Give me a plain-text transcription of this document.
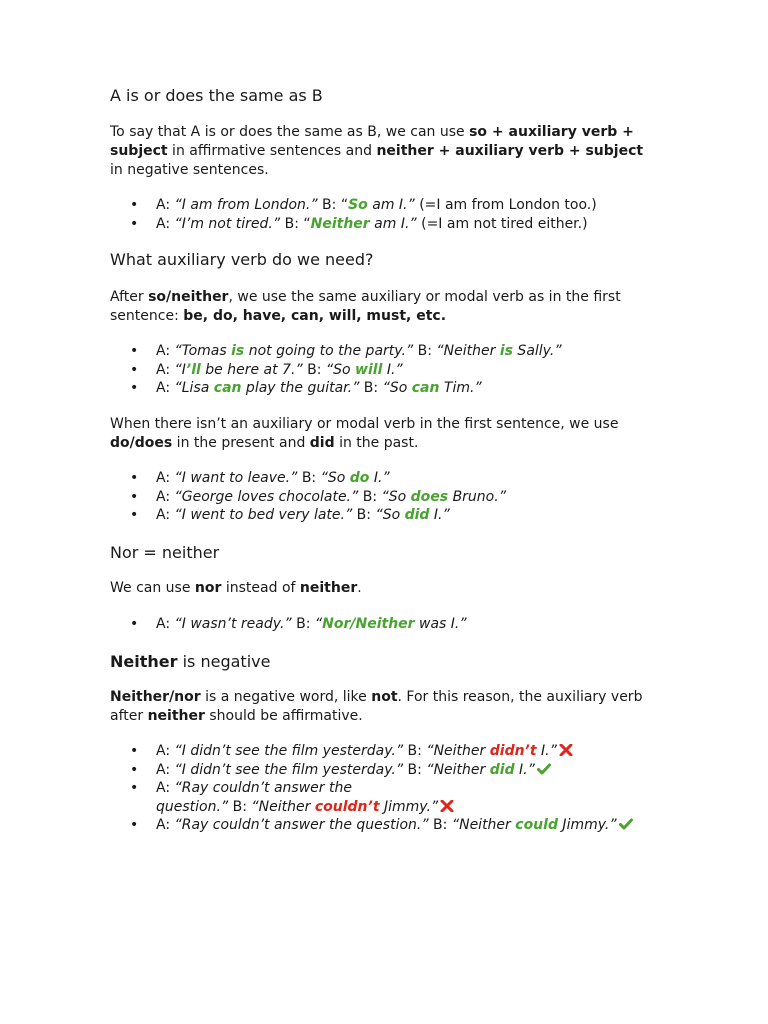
A is or does the same as B

To say that A is or does the same as B, we can use so + auxiliary verb + subject in affirmative sentences and neither + auxiliary verb + subject in negative sentences.

• A: “I am from London.” B: “So am I.” (=I am from London too.)
• A: “I’m not tired.” B: “Neither am I.” (=I am not tired either.)
What auxiliary verb do we need?

After so/neither, we use the same auxiliary or modal verb as in the first sentence: be, do, have, can, will, must, etc.

• A: “Tomas is not going to the party.” B: “Neither is Sally.”
• A: “I’ll be here at 7.” B: “So will I.”
• A: “Lisa can play the guitar.” B: “So can Tim.”

When there isn’t an auxiliary or modal verb in the first sentence, we use do/does in the present and did in the past.

• A: “I want to leave.” B: “So do I.”
• A: “George loves chocolate.” B: “So does Bruno.”
• A: “I went to bed very late.” B: “So did I.”
Nor = neither

We can use nor instead of neither.

• A: “I wasn’t ready.” B: “Nor/Neither was I.”
Neither is negative

Neither/nor is a negative word, like not. For this reason, the auxiliary verb after neither should be affirmative.

• A: “I didn’t see the film yesterday.” B: “Neither didn’t I.”
• A: “I didn’t see the film yesterday.” B: “Neither did I.”
• A: “Ray couldn’t answer the
question.” B: “Neither couldn’t Jimmy.”
• A: “Ray couldn’t answer the question.” B: “Neither could Jimmy.”
